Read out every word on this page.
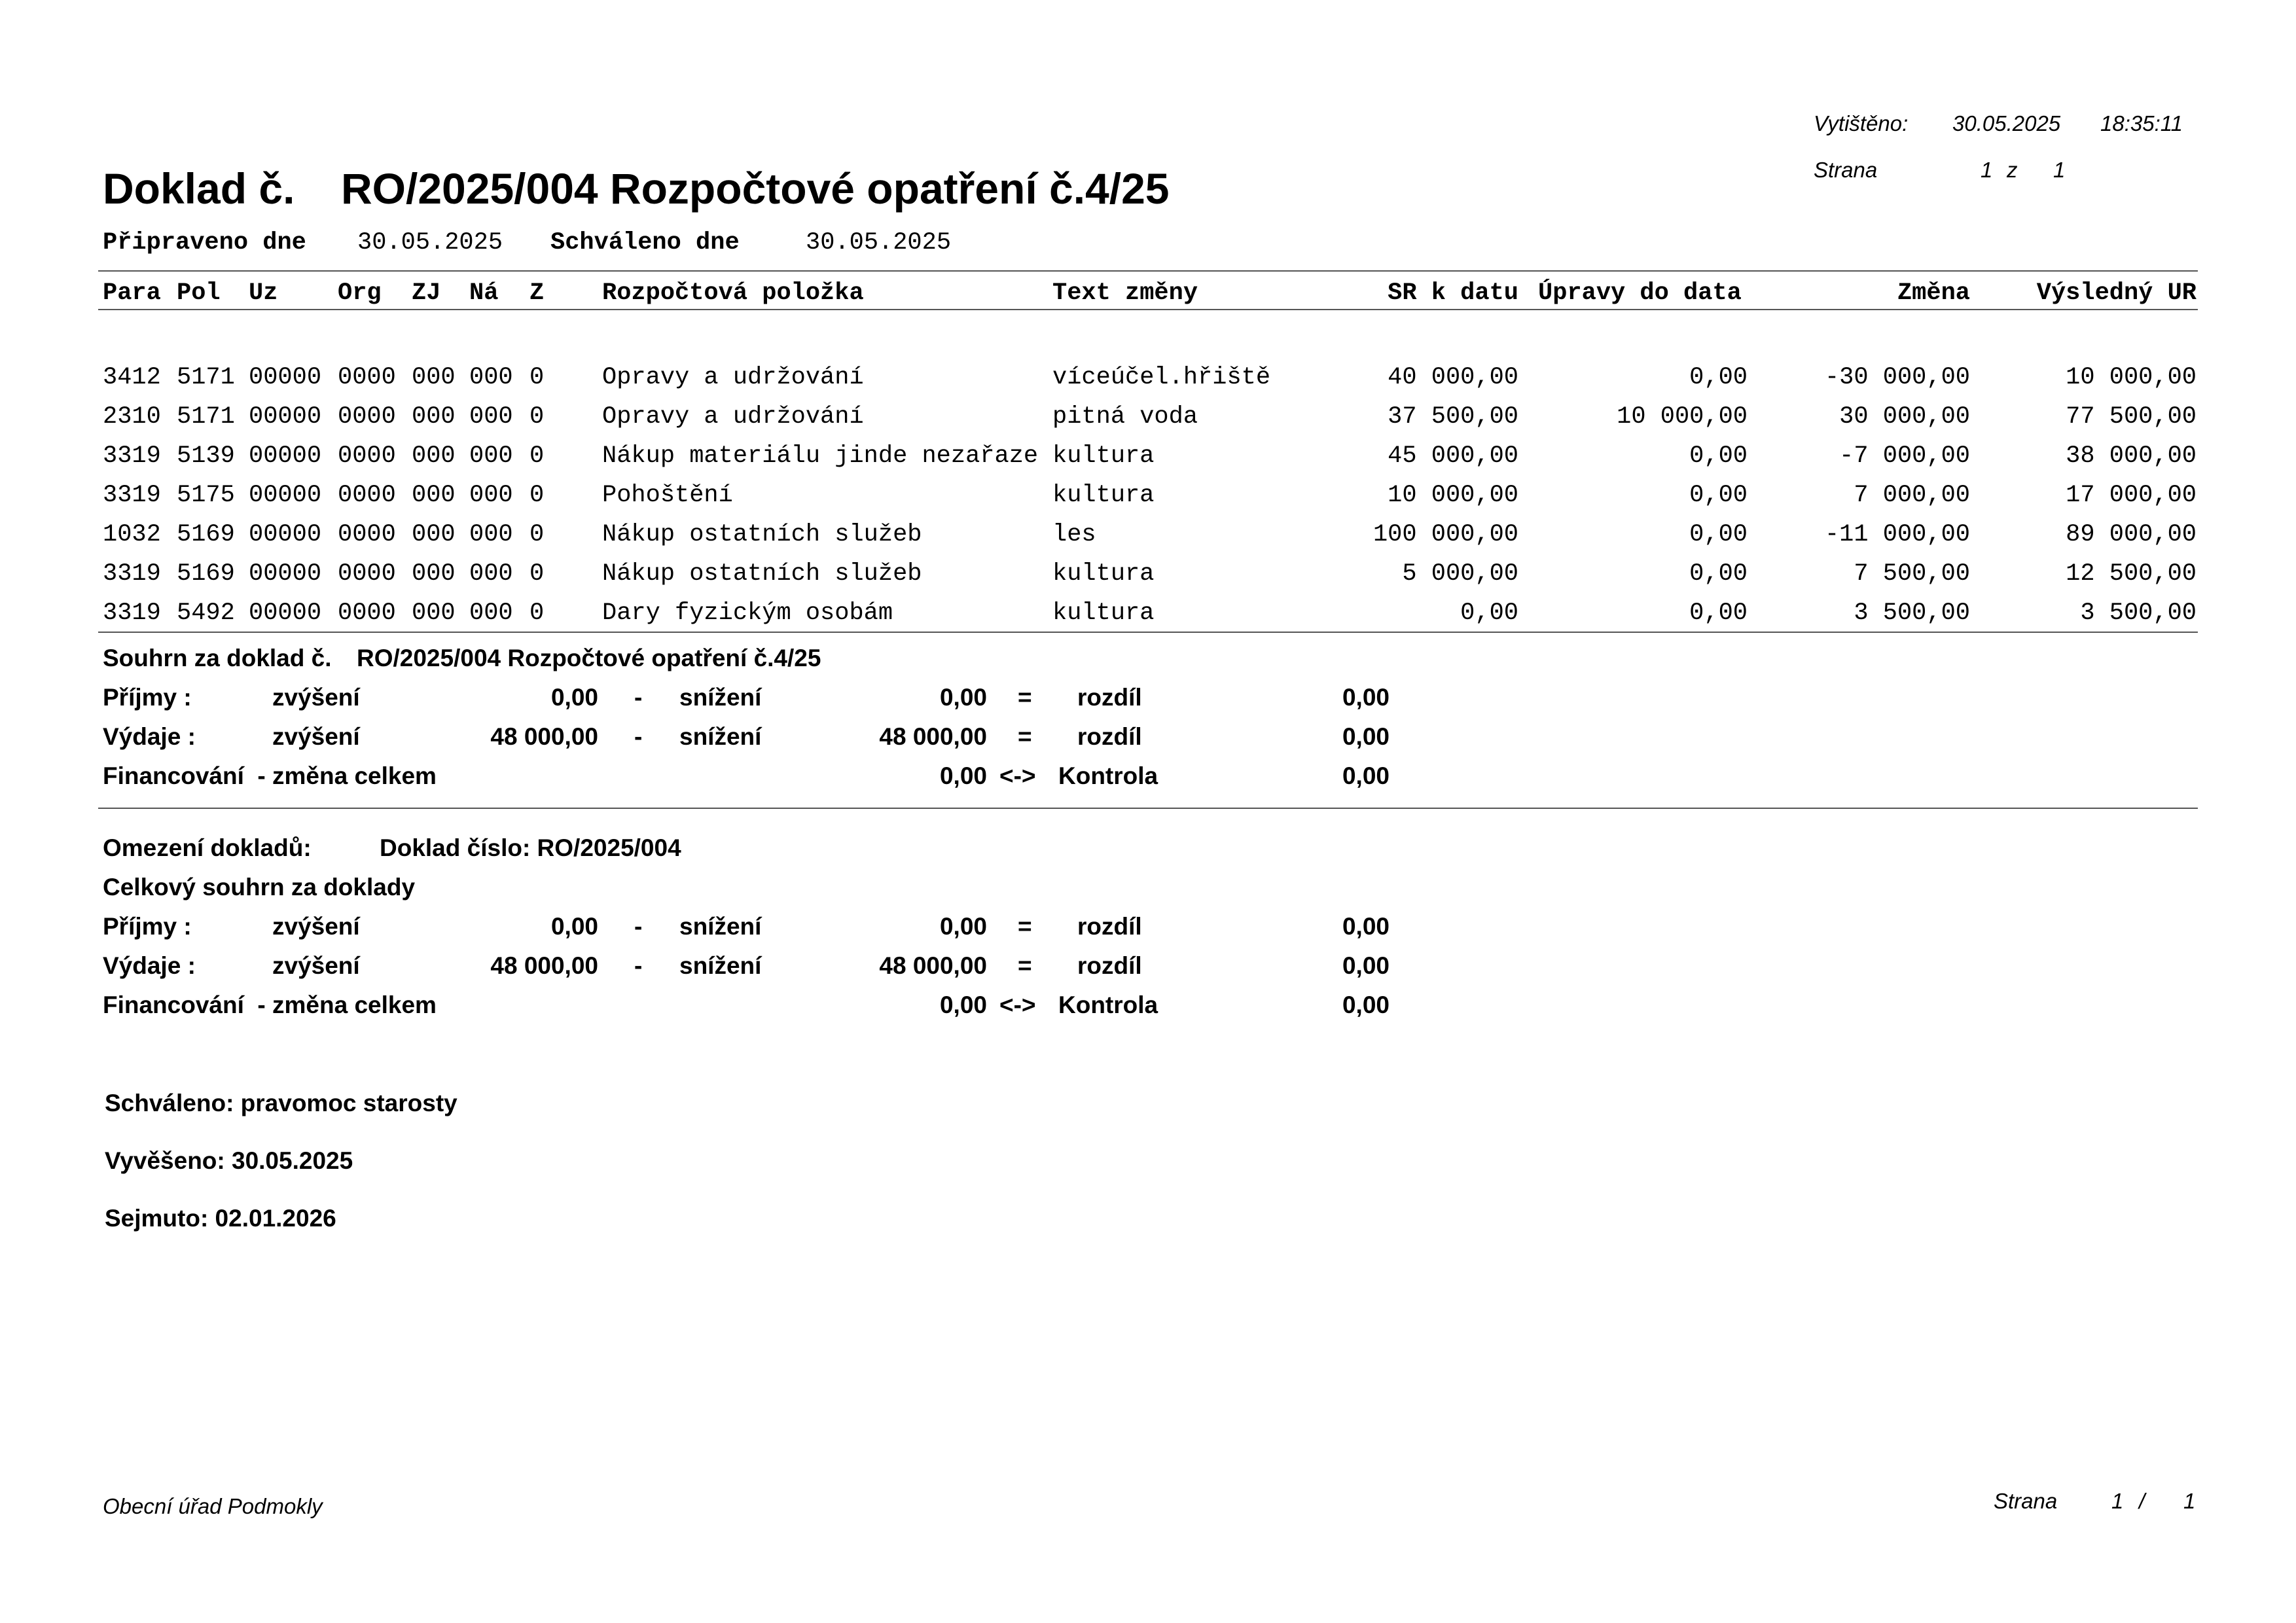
Vytištěno: 30.05.2025 18:35:11
Strana	1 z 1
Doklad č. RO/2025/004 Rozpočtové opatření č.4/25
Připraveno dne 30.05.2025 Schváleno dne	30.05.2025
Para Pol Uz Org ZJ Ná Z Rozpočtová položka	Text změny	SR k datu Úpravy do data	Změna	Výsledný UR
3412 5171 00000 0000 000 000 0 Opravy a udržování	víceúčel.hřiště	40 000,00	0,00	-30 000,00	10 000,00
2310 5171 00000 0000 000 000 0 Opravy a udržování	pitná voda	37 500,00	10 000,00	30 000,00	77 500,00
3319 5139 00000 0000 000 000 0 Nákup materiálu jinde nezařaze kultura	45 000,00	0,00	-7 000,00	38 000,00
3319 5175 00000 0000 000 000 0 Pohoštění	kultura	10 000,00	0,00	7 000,00	17 000,00
1032 5169 00000 0000 000 000 0 Nákup ostatních služeb	les	100 000,00	0,00	-11 000,00	89 000,00
3319 5169 00000 0000 000 000 0 Nákup ostatních služeb	kultura	5 000,00	0,00	7 500,00	12 500,00
3319 5492 00000 0000 000 000 0 Dary fyzickým osobám	kultura	0,00	0,00	3 500,00	3 500,00
Souhrn za doklad č. RO/2025/004 Rozpočtové opatření č.4/25
Příjmy :	zvýšení	0,00 - snížení	0,00 = rozdíl	0,00
Výdaje :	zvýšení	48 000,00 - snížení	48 000,00 = rozdíl	0,00
Financování  - změna celkem	0,00 <-> Kontrola	0,00
Omezení dokladů:	Doklad číslo: RO/2025/004
Celkový souhrn za doklady
Příjmy :	zvýšení	0,00 - snížení	0,00 = rozdíl	0,00
Výdaje :	zvýšení	48 000,00 - snížení	48 000,00 = rozdíl	0,00
Financování  - změna celkem	0,00 <-> Kontrola	0,00
Schváleno: pravomoc starosty
Vyvěšeno: 30.05.2025
Sejmuto: 02.01.2026
Obecní úřad Podmokly	Strana	1 / 1
